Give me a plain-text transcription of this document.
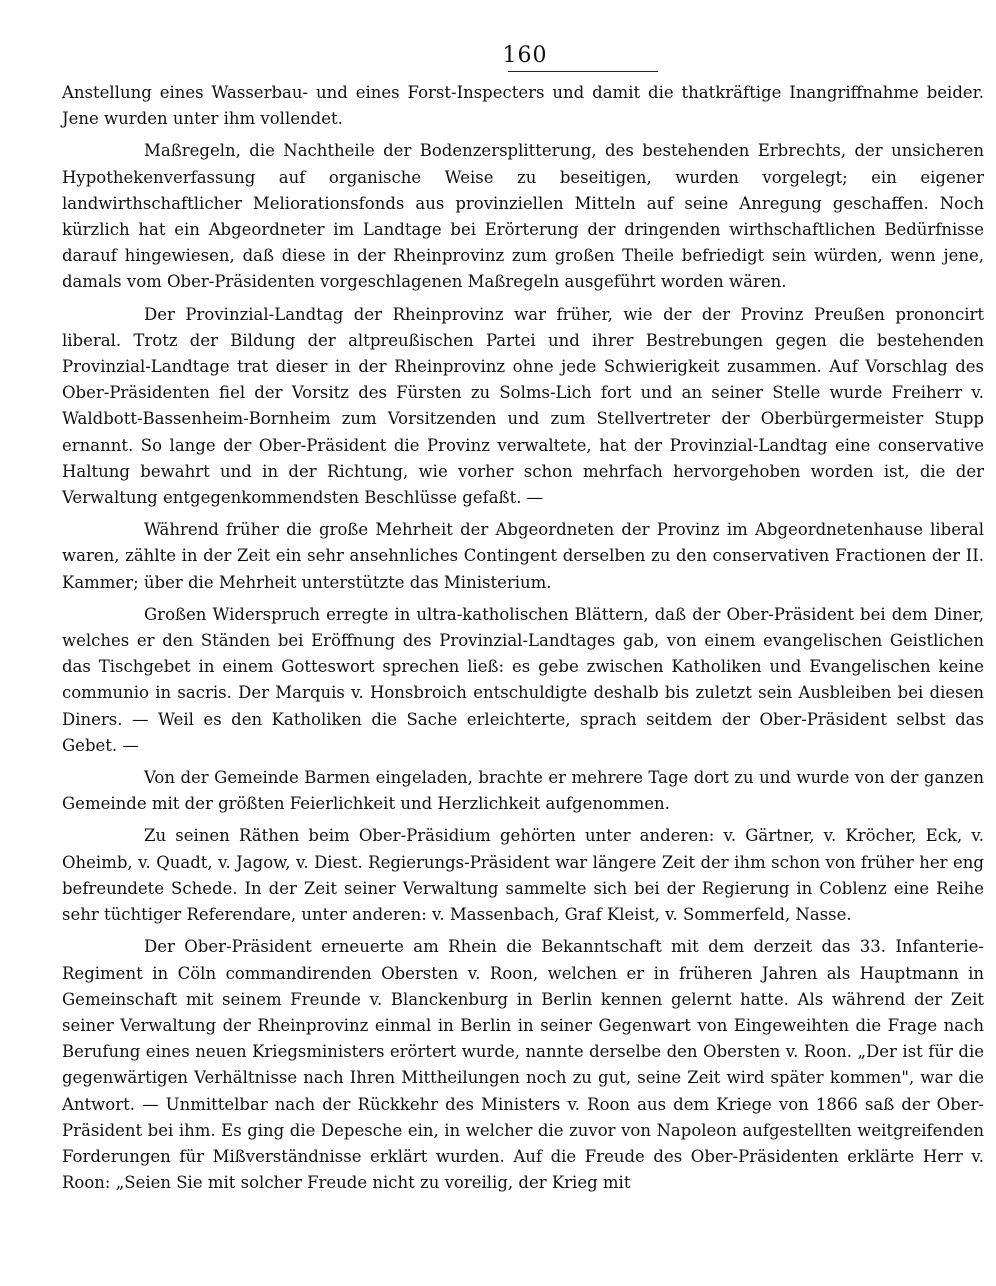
160

Anstellung eines Wasserbau- und eines Forst-Inspecters und damit die thatkräftige Inangriffnahme beider. Jene wurden unter ihm vollendet.

Maßregeln, die Nachtheile der Bodenzersplitterung, des bestehenden Erbrechts, der unsicheren Hypothekenverfassung auf organische Weise zu beseitigen, wurden vorgelegt; ein eigener landwirthschaftlicher Meliorationsfonds aus provinziellen Mitteln auf seine Anregung geschaffen. Noch kürzlich hat ein Abgeordneter im Landtage bei Erörterung der dringenden wirthschaftlichen Bedürfnisse darauf hingewiesen, daß diese in der Rheinprovinz zum großen Theile befriedigt sein würden, wenn jene, damals vom Ober-Präsidenten vorgeschlagenen Maßregeln ausgeführt worden wären.

Der Provinzial-Landtag der Rheinprovinz war früher, wie der der Provinz Preußen prononcirt liberal. Trotz der Bildung der altpreußischen Partei und ihrer Bestrebungen gegen die bestehenden Provinzial-Landtage trat dieser in der Rheinprovinz ohne jede Schwierigkeit zusammen. Auf Vorschlag des Ober-Präsidenten fiel der Vorsitz des Fürsten zu Solms-Lich fort und an seiner Stelle wurde Freiherr v. Waldbott-Bassenheim-Bornheim zum Vorsitzenden und zum Stellvertreter der Oberbürgermeister Stupp ernannt. So lange der Ober-Präsident die Provinz verwaltete, hat der Provinzial-Landtag eine conservative Haltung bewahrt und in der Richtung, wie vorher schon mehrfach hervorgehoben worden ist, die der Verwaltung entgegenkommendsten Beschlüsse gefaßt. —

Während früher die große Mehrheit der Abgeordneten der Provinz im Abgeordnetenhause liberal waren, zählte in der Zeit ein sehr ansehnliches Contingent derselben zu den conservativen Fractionen der II. Kammer; über die Mehrheit unterstützte das Ministerium.

Großen Widerspruch erregte in ultra-katholischen Blättern, daß der Ober-Präsident bei dem Diner, welches er den Ständen bei Eröffnung des Provinzial-Landtages gab, von einem evangelischen Geistlichen das Tischgebet in einem Gotteswort sprechen ließ: es gebe zwischen Katholiken und Evangelischen keine communio in sacris. Der Marquis v. Honsbroich entschuldigte deshalb bis zuletzt sein Ausbleiben bei diesen Diners. — Weil es den Katholiken die Sache erleichterte, sprach seitdem der Ober-Präsident selbst das Gebet. —

Von der Gemeinde Barmen eingeladen, brachte er mehrere Tage dort zu und wurde von der ganzen Gemeinde mit der größten Feierlichkeit und Herzlichkeit aufgenommen.

Zu seinen Räthen beim Ober-Präsidium gehörten unter anderen: v. Gärtner, v. Kröcher, Eck, v. Oheimb, v. Quadt, v. Jagow, v. Diest. Regierungs-Präsident war längere Zeit der ihm schon von früher her eng befreundete Schede. In der Zeit seiner Verwaltung sammelte sich bei der Regierung in Coblenz eine Reihe sehr tüchtiger Referendare, unter anderen: v. Massenbach, Graf Kleist, v. Sommerfeld, Nasse.

Der Ober-Präsident erneuerte am Rhein die Bekanntschaft mit dem derzeit das 33. Infanterie-Regiment in Cöln commandirenden Obersten v. Roon, welchen er in früheren Jahren als Hauptmann in Gemeinschaft mit seinem Freunde v. Blanckenburg in Berlin kennen gelernt hatte. Als während der Zeit seiner Verwaltung der Rheinprovinz einmal in Berlin in seiner Gegenwart von Eingeweihten die Frage nach Berufung eines neuen Kriegsministers erörtert wurde, nannte derselbe den Obersten v. Roon. „Der ist für die gegenwärtigen Verhältnisse nach Ihren Mittheilungen noch zu gut, seine Zeit wird später kommen", war die Antwort. — Unmittelbar nach der Rückkehr des Ministers v. Roon aus dem Kriege von 1866 saß der Ober-Präsident bei ihm. Es ging die Depesche ein, in welcher die zuvor von Napoleon aufgestellten weitgreifenden Forderungen für Mißverständnisse erklärt wurden. Auf die Freude des Ober-Präsidenten erklärte Herr v. Roon: „Seien Sie mit solcher Freude nicht zu voreilig, der Krieg mit
